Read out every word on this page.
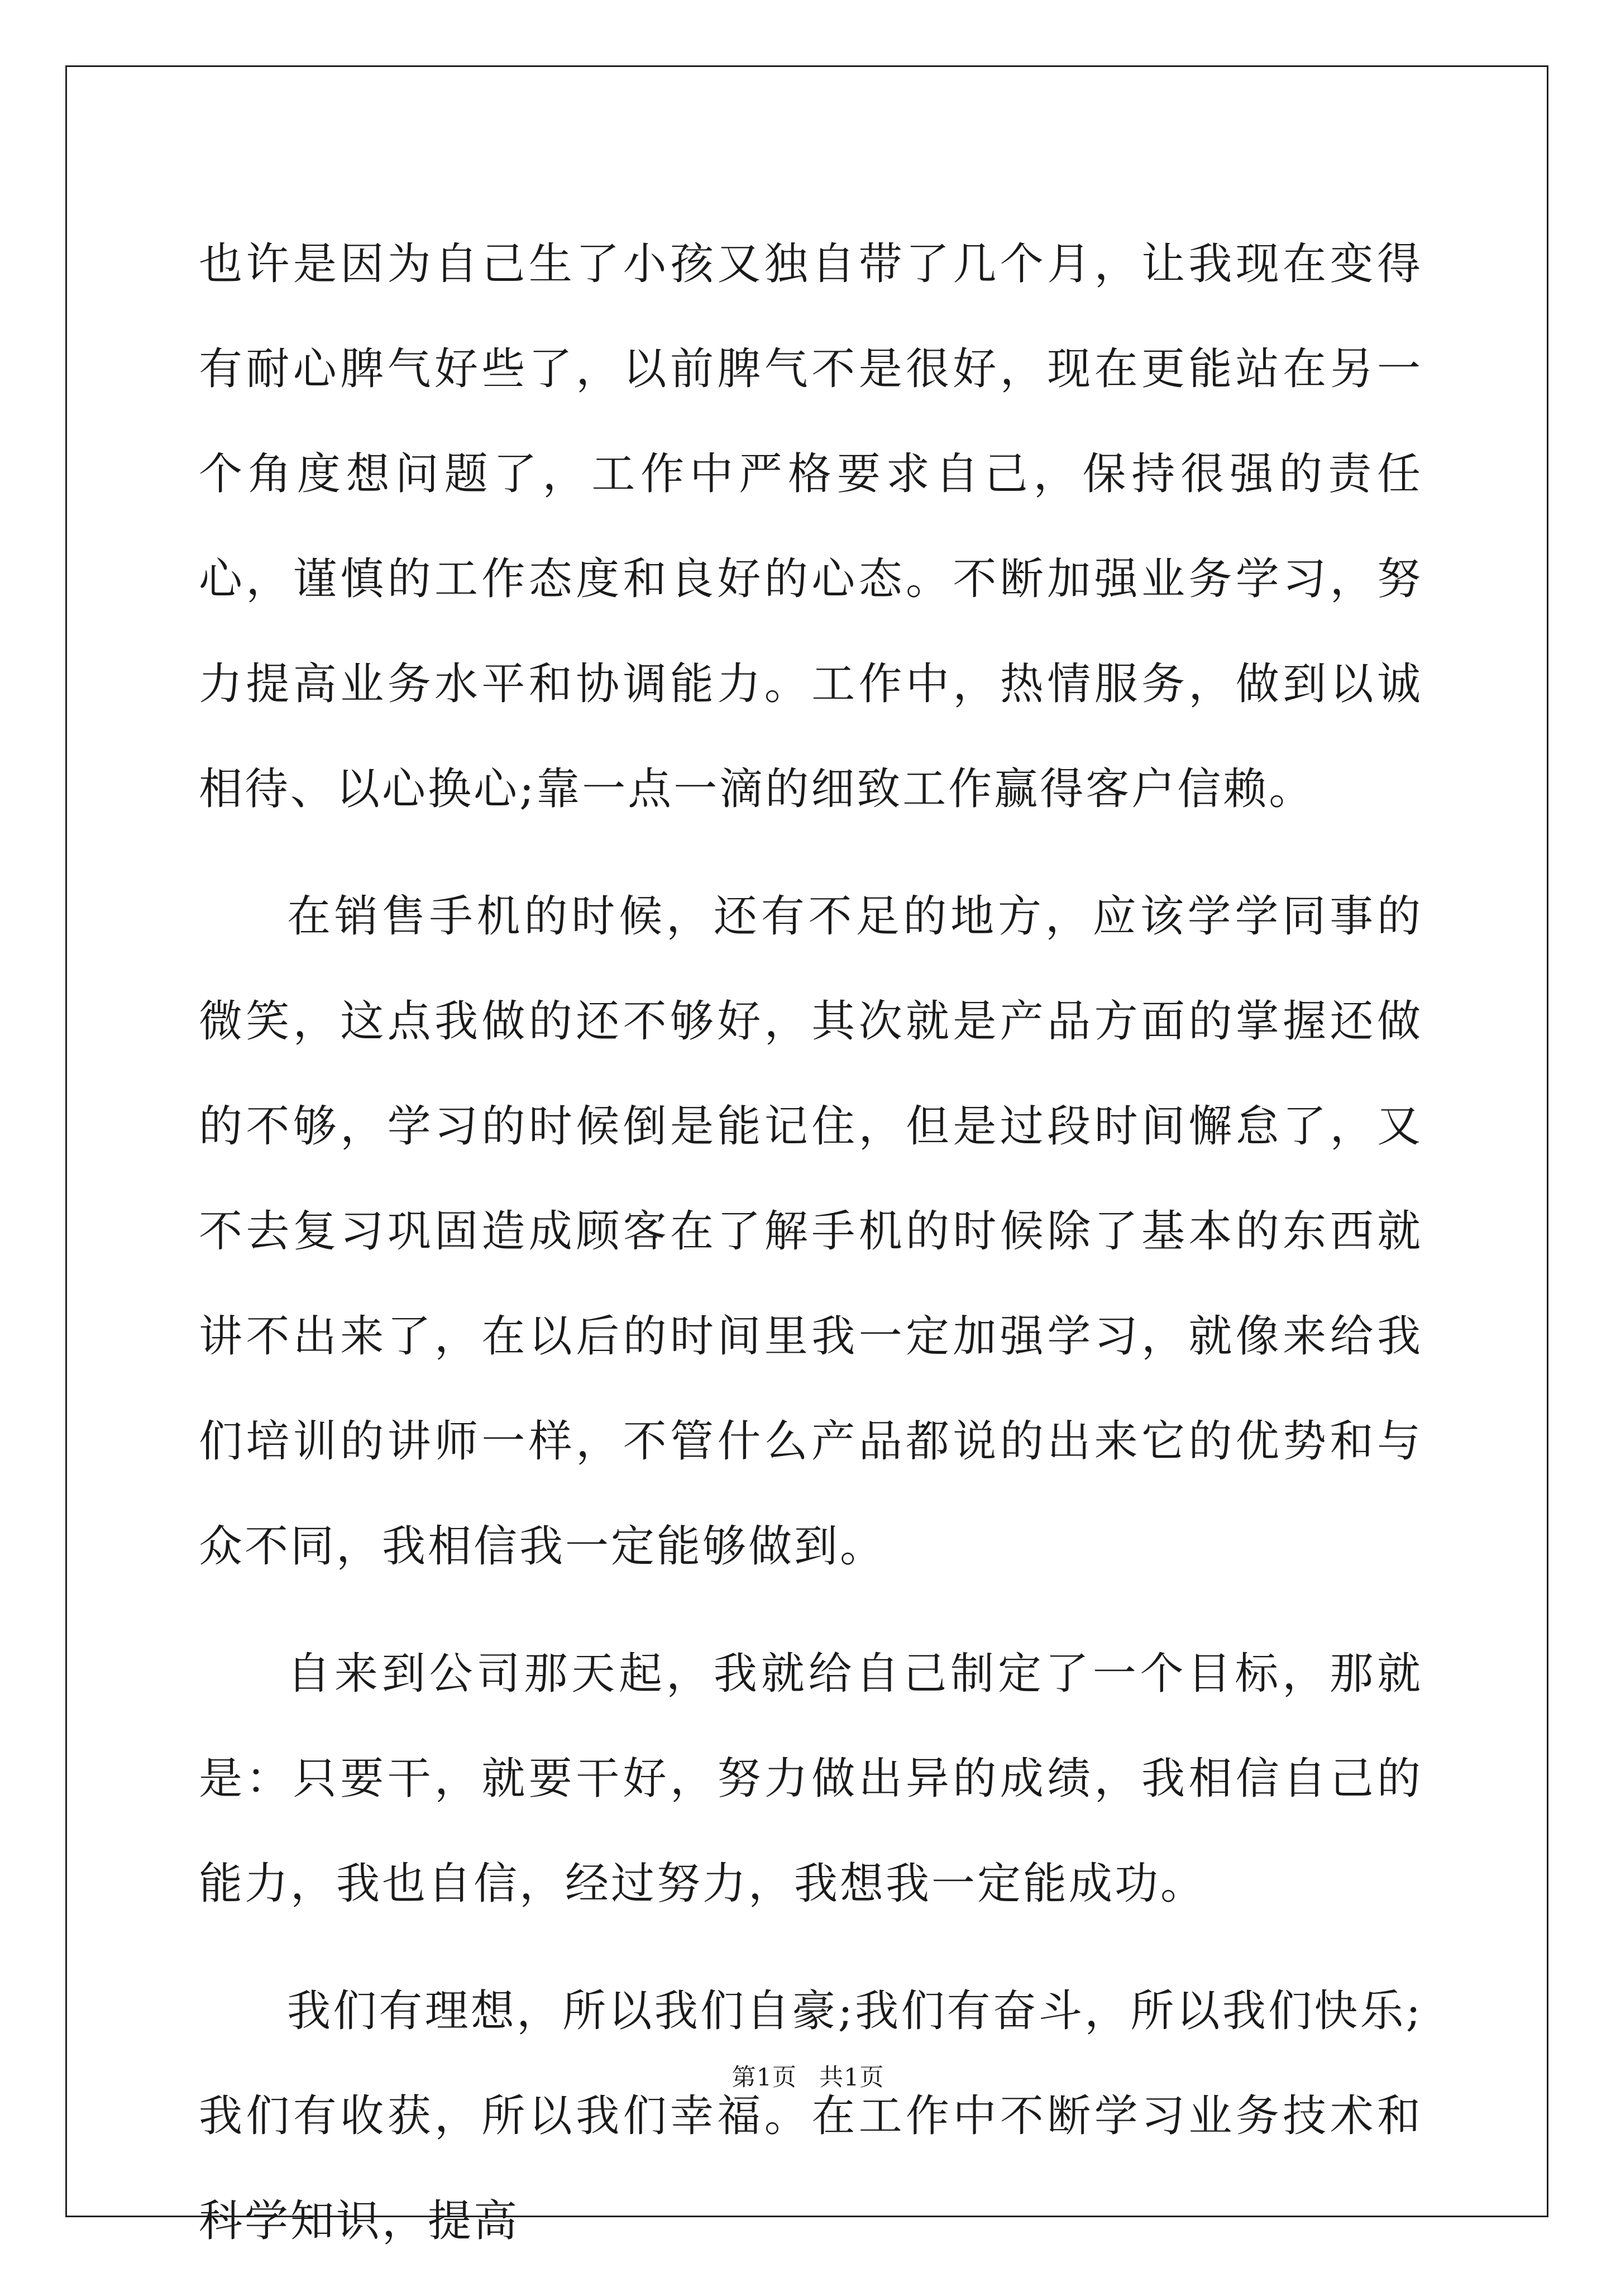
也许是因为自己生了小孩又独自带了几个月，让我现在变得有耐心脾气好些了，以前脾气不是很好，现在更能站在另一个角度想问题了，工作中严格要求自己，保持很强的责任心，谨慎的工作态度和良好的心态。不断加强业务学习，努力提高业务水平和协调能力。工作中，热情服务，做到以诚相待、以心换心;靠一点一滴的细致工作赢得客户信赖。

在销售手机的时候，还有不足的地方，应该学学同事的微笑，这点我做的还不够好，其次就是产品方面的掌握还做的不够，学习的时候倒是能记住，但是过段时间懈怠了，又不去复习巩固造成顾客在了解手机的时候除了基本的东西就讲不出来了，在以后的时间里我一定加强学习，就像来给我们培训的讲师一样，不管什么产品都说的出来它的优势和与众不同，我相信我一定能够做到。

自来到公司那天起，我就给自己制定了一个目标，那就是：只要干，就要干好，努力做出异的成绩，我相信自己的能力，我也自信，经过努力，我想我一定能成功。

我们有理想，所以我们自豪;我们有奋斗，所以我们快乐;我们有收获，所以我们幸福。在工作中不断学习业务技术和科学知识，提高

第1页 共1页
